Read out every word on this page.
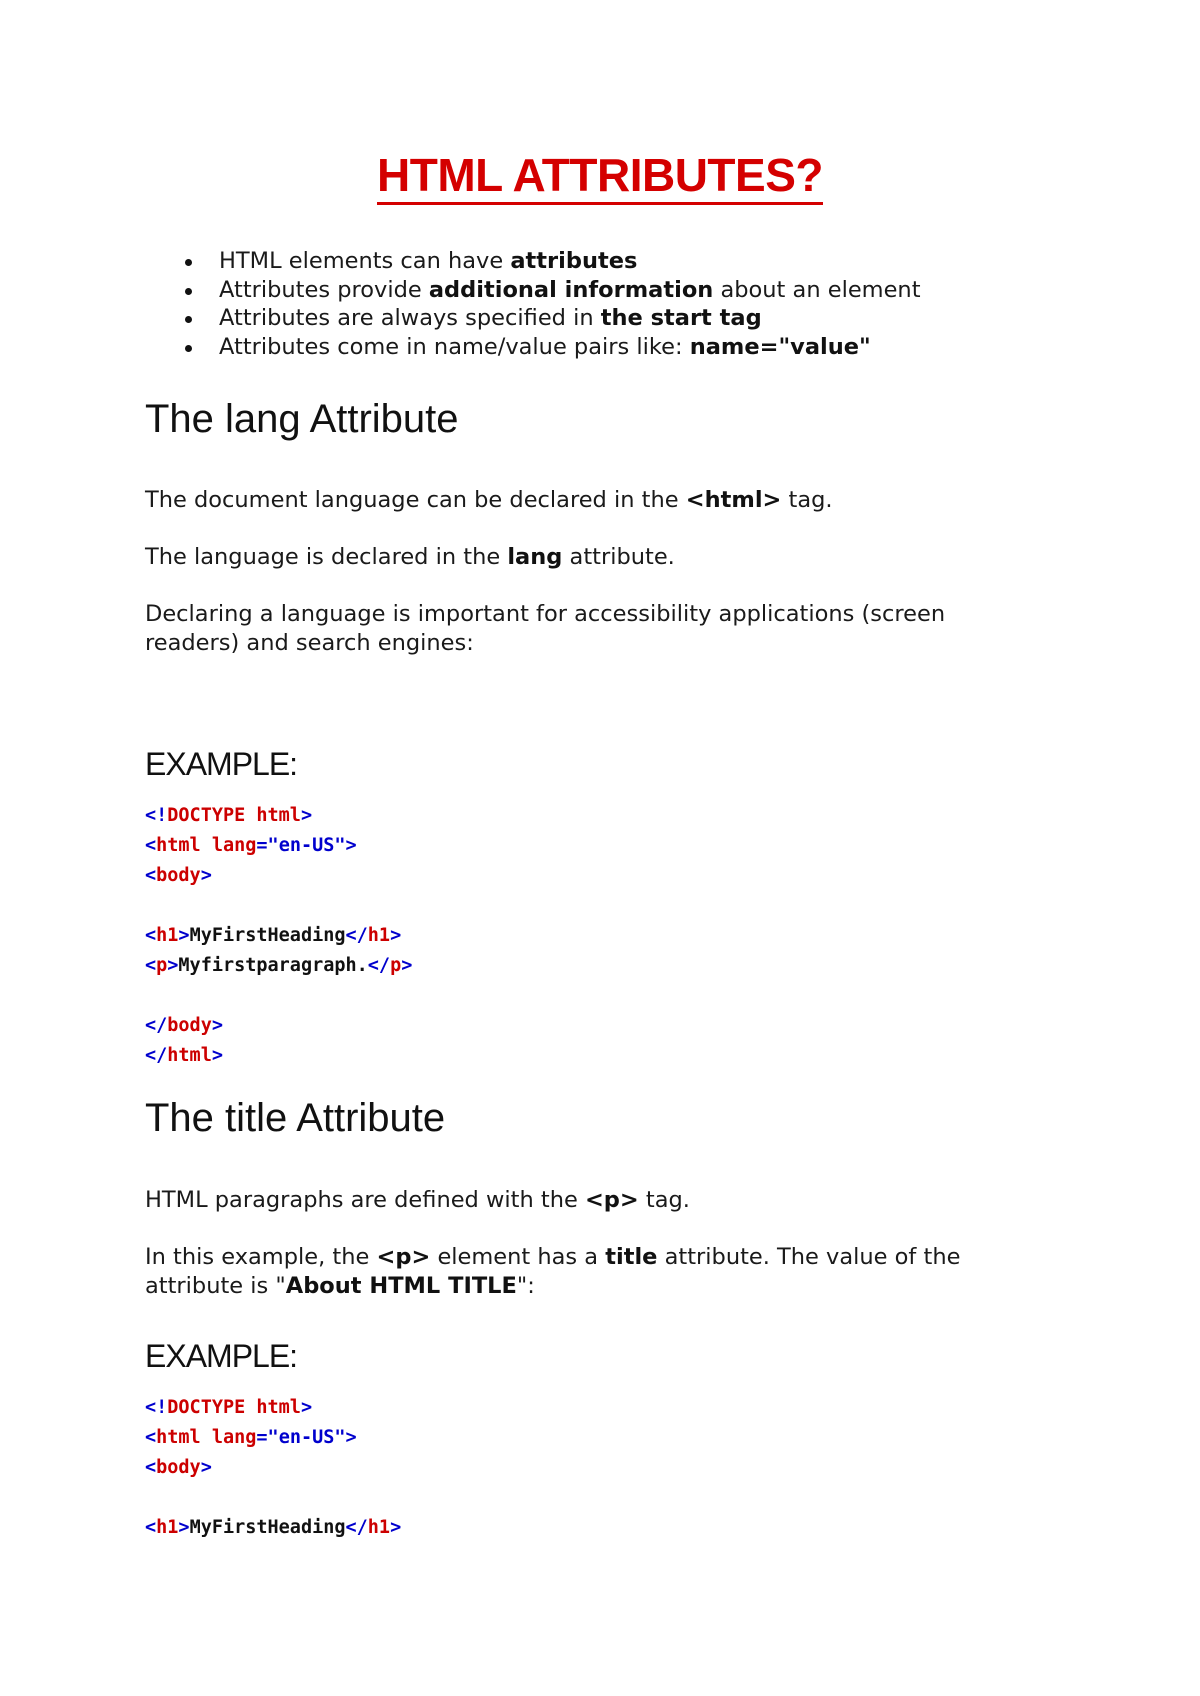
HTML ATTRIBUTES?
HTML elements can have attributes
Attributes provide additional information about an element
Attributes are always specified in the start tag
Attributes come in name/value pairs like: name="value"
The lang Attribute
The document language can be declared in the <html> tag.
The language is declared in the lang attribute.
Declaring a language is important for accessibility applications (screen
readers) and search engines:
EXAMPLE:
<!DOCTYPE html>
<html lang="en-US">
<body>
<h1>MyFirstHeading</h1>
<p>Myfirstparagraph.</p>
</body>
</html>
The title Attribute
HTML paragraphs are defined with the <p> tag.
In this example, the <p> element has a title attribute. The value of the
attribute is "About HTML TITLE":
EXAMPLE:
<!DOCTYPE html>
<html lang="en-US">
<body>
<h1>MyFirstHeading</h1>
